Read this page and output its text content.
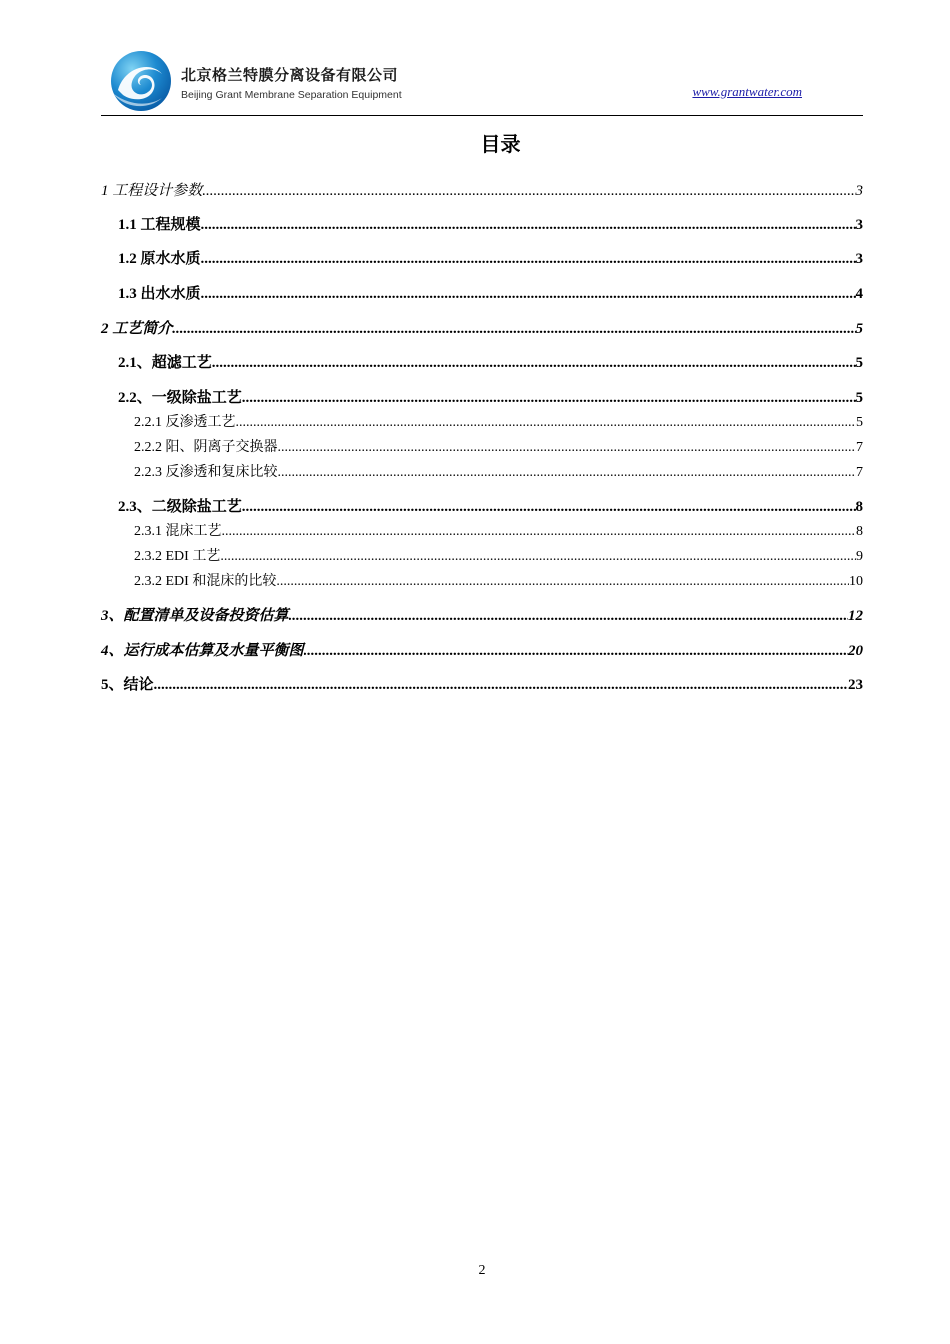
北京格兰特膜分离设备有限公司
Beijing Grant Membrane Separation Equipment	www.grantwater.com
目录
1 工程设计参数 .....	3
1.1 工程规模 .....	3
1.2 原水水质 .....	3
1.3 出水水质 .....	4
2 工艺简介 .....	5
2.1、超滤工艺 .....	5
2.2、一级除盐工艺 .....	5
2.2.1 反渗透工艺 .....	5
2.2.2 阳、阴离子交换器 .....	7
2.2.3 反渗透和复床比较 .....	7
2.3、二级除盐工艺 .....	8
2.3.1 混床工艺 .....	8
2.3.2 EDI 工艺 .....	9
2.3.2 EDI 和混床的比较 .....	10
3、配置清单及设备投资估算 .....	12
4、运行成本估算及水量平衡图 .....	20
5、结论 .....	23
2
